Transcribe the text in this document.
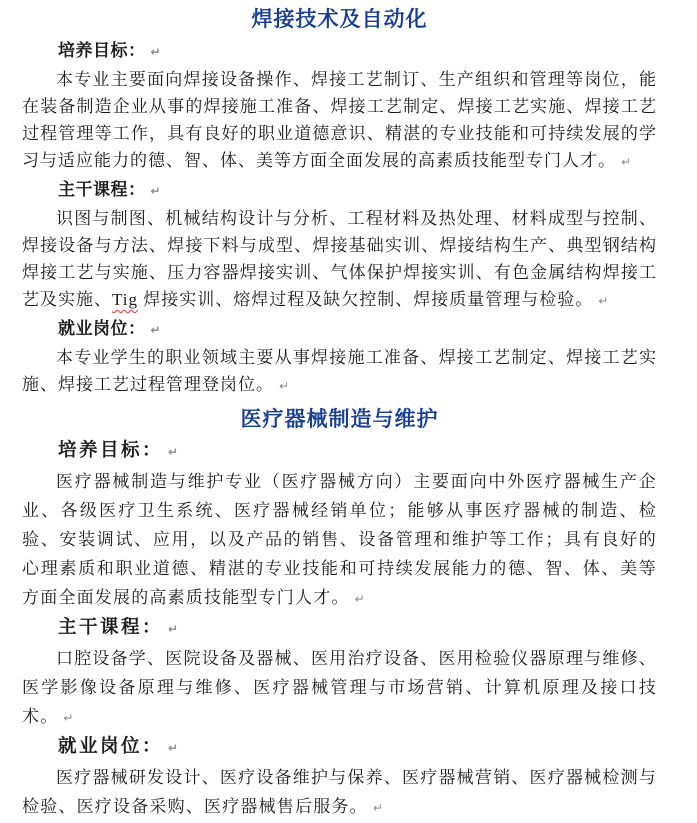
焊接技术及自动化

培养目标： ↵

本专业主要面向焊接设备操作、焊接工艺制订、生产组织和管理等岗位，能在装备制造企业从事的焊接施工准备、焊接工艺制定、焊接工艺实施、焊接工艺过程管理等工作，具有良好的职业道德意识、精湛的专业技能和可持续发展的学习与适应能力的德、智、体、美等方面全面发展的高素质技能型专门人才。 ↵

主干课程： ↵

识图与制图、机械结构设计与分析、工程材料及热处理、材料成型与控制、焊接设备与方法、焊接下料与成型、焊接基础实训、焊接结构生产、典型钢结构焊接工艺与实施、压力容器焊接实训、气体保护焊接实训、有色金属结构焊接工艺及实施、Tig 焊接实训、熔焊过程及缺欠控制、焊接质量管理与检验。 ↵

就业岗位： ↵

本专业学生的职业领域主要从事焊接施工准备、焊接工艺制定、焊接工艺实施、焊接工艺过程管理登岗位。 ↵

医疗器械制造与维护

培养目标： ↵

医疗器械制造与维护专业（医疗器械方向）主要面向中外医疗器械生产企业、各级医疗卫生系统、医疗器械经销单位；能够从事医疗器械的制造、检验、安装调试、应用，以及产品的销售、设备管理和维护等工作；具有良好的心理素质和职业道德、精湛的专业技能和可持续发展能力的德、智、体、美等方面全面发展的高素质技能型专门人才。 ↵

主干课程： ↵

口腔设备学、医院设备及器械、医用治疗设备、医用检验仪器原理与维修、医学影像设备原理与维修、医疗器械管理与市场营销、计算机原理及接口技术。 ↵

就业岗位： ↵

医疗器械研发设计、医疗设备维护与保养、医疗器械营销、医疗器械检测与检验、医疗设备采购、医疗器械售后服务。 ↵
